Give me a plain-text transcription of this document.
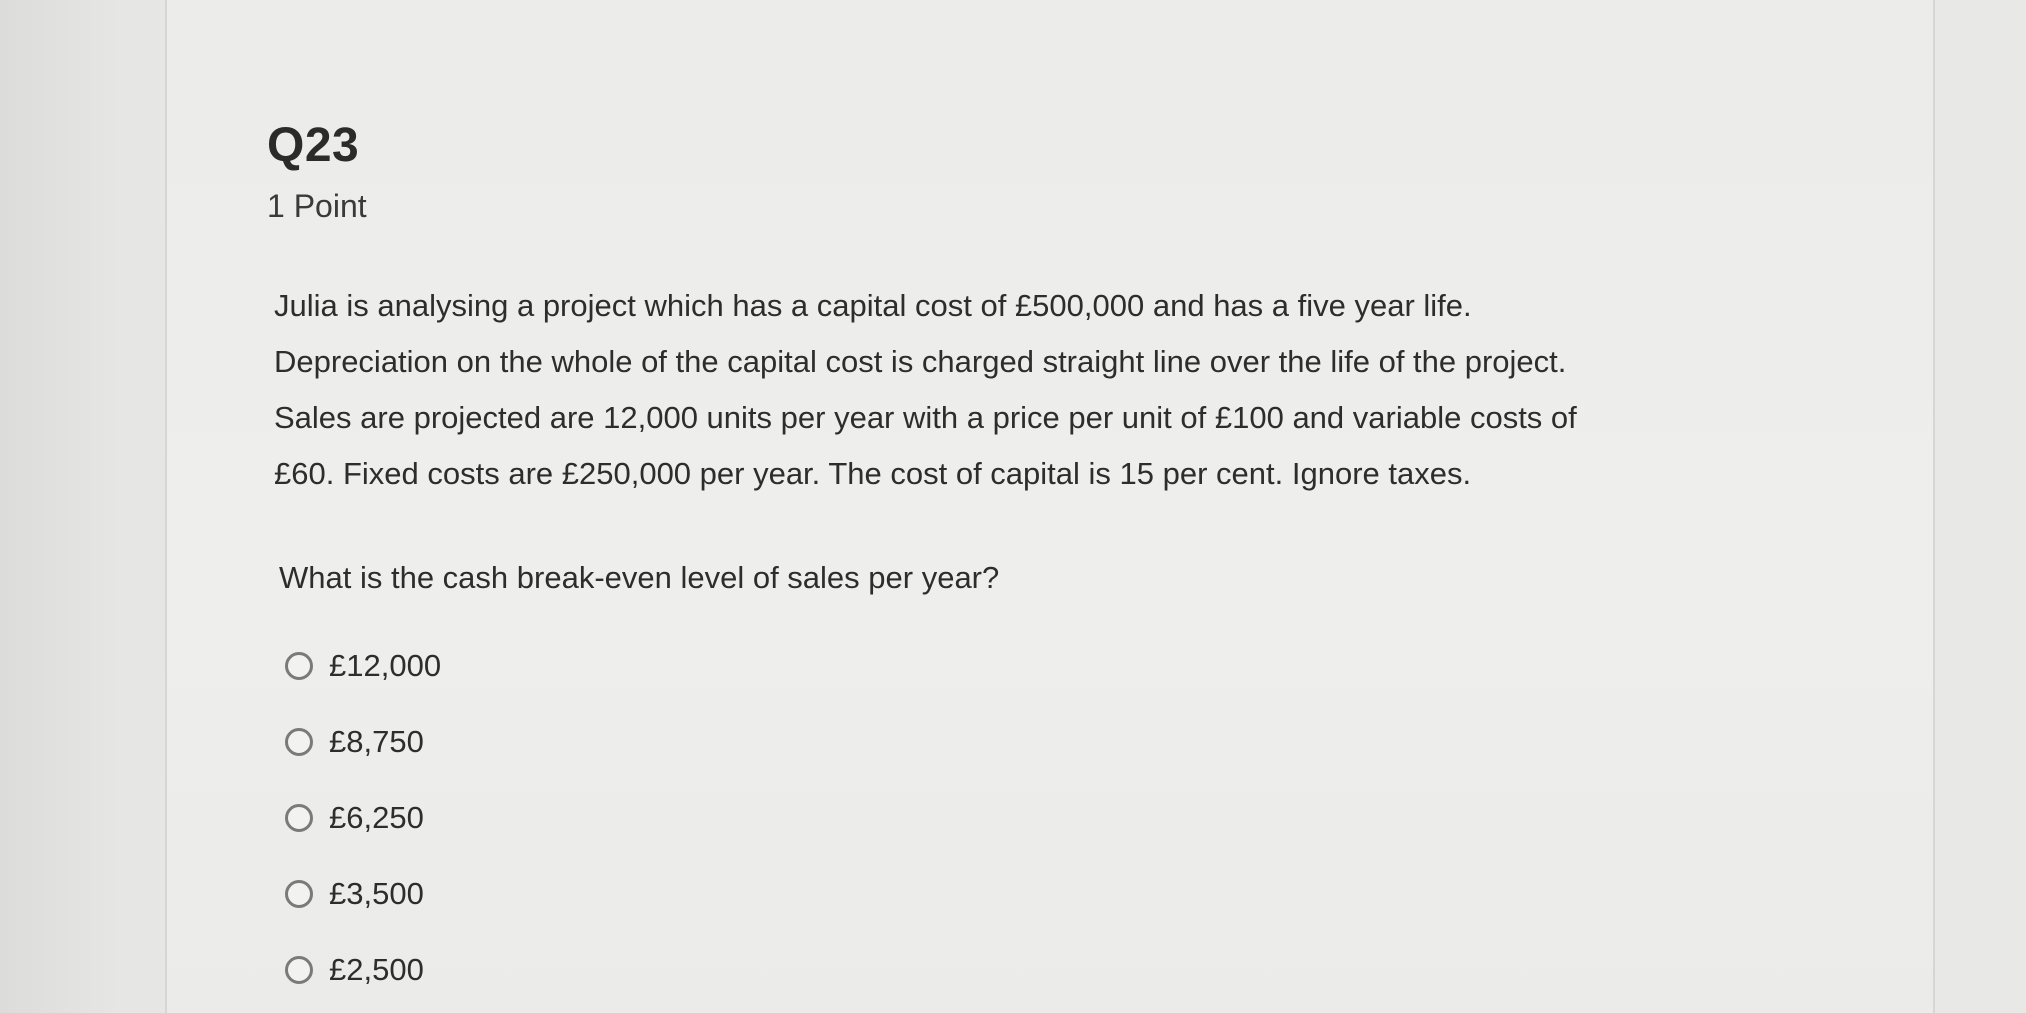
Q23
1 Point
Julia is analysing a project which has a capital cost of £500,000 and has a five year life.
Depreciation on the whole of the capital cost is charged straight line over the life of the project.
Sales are projected are 12,000 units per year with a price per unit of £100 and variable costs of
£60. Fixed costs are £250,000 per year. The cost of capital is 15 per cent. Ignore taxes.

What is the cash break-even level of sales per year?

£12,000
£8,750
£6,250
£3,500
£2,500
